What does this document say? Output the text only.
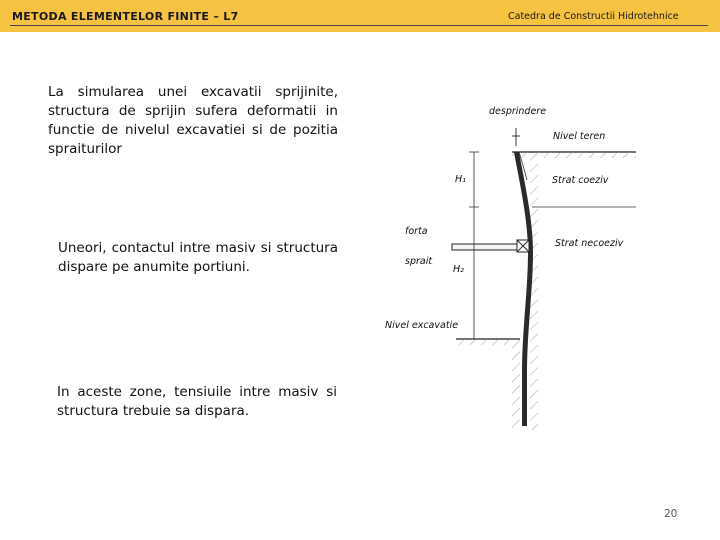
METODA ELEMENTELOR FINITE – L7	Catedra de Constructii Hidrotehnice
La simularea unei excavatii sprijinite, structura de sprijin sufera deformatii in functie de nivelul excavatiei si de pozitia spraiturilor
Uneori, contactul intre masiv si structura dispare pe anumite portiuni.
In aceste zone, tensiuile intre masiv si structura trebuie sa dispara.
desprindere
Nivel teren
H₁	Strat coeziv
forta
Strat necoeziv
sprait
H₂
Nivel excavatie
20
